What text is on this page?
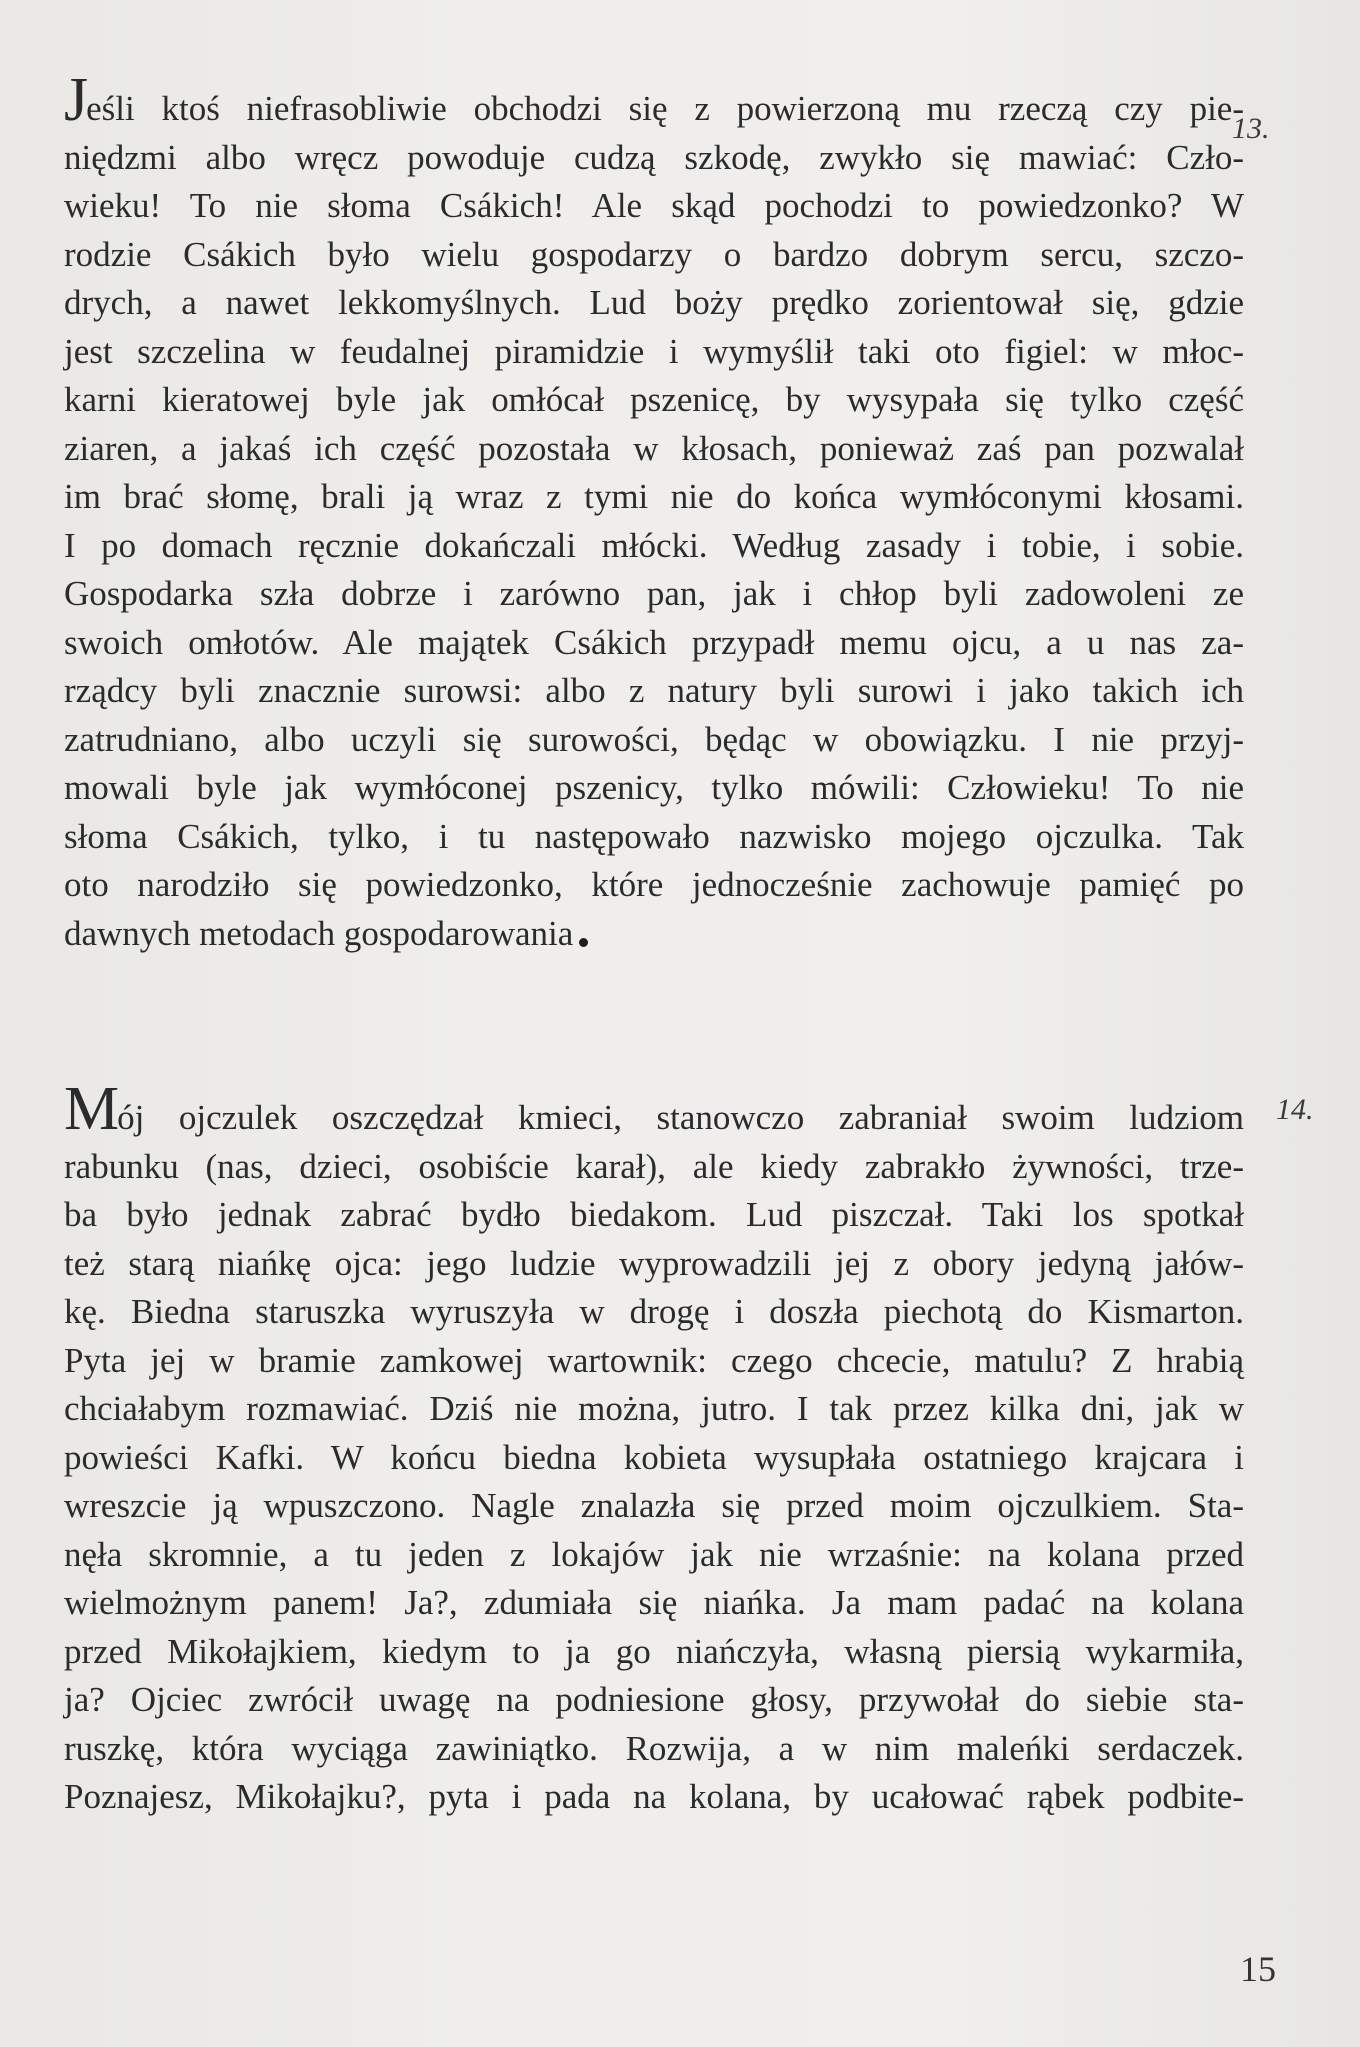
13.

Jeśli ktoś niefrasobliwie obchodzi się z powierzoną mu rzeczą czy pie-
niędzmi albo wręcz powoduje cudzą szkodę, zwykło się mawiać: Czło-
wieku! To nie słoma Csákich! Ale skąd pochodzi to powiedzonko? W
rodzie Csákich było wielu gospodarzy o bardzo dobrym sercu, szczo-
drych, a nawet lekkomyślnych. Lud boży prędko zorientował się, gdzie
jest szczelina w feudalnej piramidzie i wymyślił taki oto figiel: w młoc-
karni kieratowej byle jak omłócał pszenicę, by wysypała się tylko część
ziaren, a jakaś ich część pozostała w kłosach, ponieważ zaś pan pozwalał
im brać słomę, brali ją wraz z tymi nie do końca wymłóconymi kłosami.
I po domach ręcznie dokańczali młócki. Według zasady i tobie, i sobie.
Gospodarka szła dobrze i zarówno pan, jak i chłop byli zadowoleni ze
swoich omłotów. Ale majątek Csákich przypadł memu ojcu, a u nas za-
rządcy byli znacznie surowsi: albo z natury byli surowi i jako takich ich
zatrudniano, albo uczyli się surowości, będąc w obowiązku. I nie przyj-
mowali byle jak wymłóconej pszenicy, tylko mówili: Człowieku! To nie
słoma Csákich, tylko, i tu następowało nazwisko mojego ojczulka. Tak
oto narodziło się powiedzonko, które jednocześnie zachowuje pamięć po
dawnych metodach gospodarowania

14.

Mój ojczulek oszczędzał kmieci, stanowczo zabraniał swoim ludziom
rabunku (nas, dzieci, osobiście karał), ale kiedy zabrakło żywności, trze-
ba było jednak zabrać bydło biedakom. Lud piszczał. Taki los spotkał
też starą niańkę ojca: jego ludzie wyprowadzili jej z obory jedyną jałów-
kę. Biedna staruszka wyruszyła w drogę i doszła piechotą do Kismarton.
Pyta jej w bramie zamkowej wartownik: czego chcecie, matulu? Z hrabią
chciałabym rozmawiać. Dziś nie można, jutro. I tak przez kilka dni, jak w
powieści Kafki. W końcu biedna kobieta wysupłała ostatniego krajcara i
wreszcie ją wpuszczono. Nagle znalazła się przed moim ojczulkiem. Sta-
nęła skromnie, a tu jeden z lokajów jak nie wrzaśnie: na kolana przed
wielmożnym panem! Ja?, zdumiała się niańka. Ja mam padać na kolana
przed Mikołajkiem, kiedym to ja go niańczyła, własną piersią wykarmiła,
ja? Ojciec zwrócił uwagę na podniesione głosy, przywołał do siebie sta-
ruszkę, która wyciąga zawiniątko. Rozwija, a w nim maleńki serdaczek.
Poznajesz, Mikołajku?, pyta i pada na kolana, by ucałować rąbek podbite-

15
